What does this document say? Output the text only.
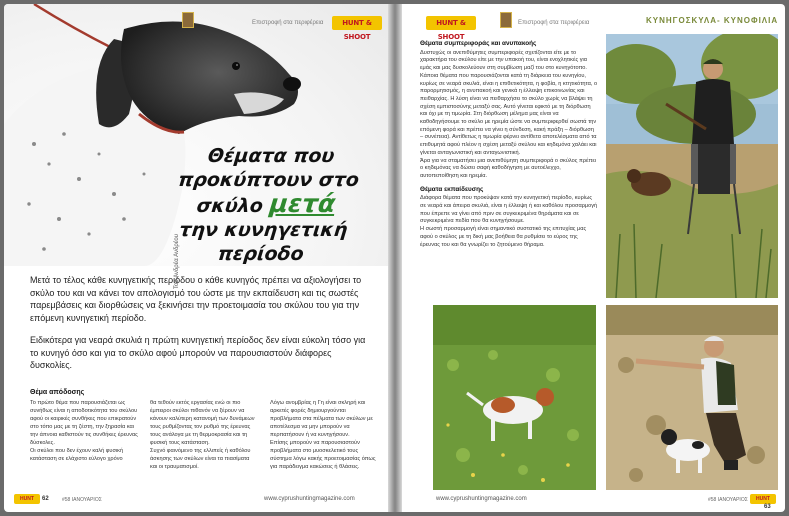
Επιστροφή στα περιφέρεια	HUNT & SHOOT
Θέματα που
προκύπτουν στο
σκύλο μετά
την κυνηγετική
περίοδο
Του Ανδρέα Ανδρέου

Μετά το τέλος κάθε κυνηγετικής περιόδου ο κάθε κυνηγός πρέπει να αξιολογήσει το σκύλο του και να κάνει τον απολογισμό του ώστε με την εκπαίδευση και τις σωστές παρεμβάσεις και διορθώσεις να ξεκινήσει την προετοιμασία του σκύλου του για την επόμενη κυνηγετική περίοδο.

Ειδικότερα για νεαρά σκυλιά η πρώτη κυνηγετική περίοδος δεν είναι εύκολη τόσο για το κυνηγό όσο και για το σκύλο αφού μπορούν να παρουσιαστούν διάφορες δυσκολίες.

Θέμα απόδοσης
Το πρώτο θέμα που παρουσιάζεται ως συνήθως είναι η αποδοτικότητα του σκύλου αφού οι καιρικές συνθήκες που επικρατούν στο τόπο μας με τη ζέστη, την ξηρασία και την άπνοια καθιστούν τις συνθήκες έρευνας δύσκολες.
Οι σκύλοι που δεν έχουν καλή φυσική κατάσταση σε ελάχιστο εύλογο χρόνο
θα τεθούν εκτός εργασίας ενώ οι πιο έμπειροι σκύλοι πιθανόν να ξέρουν να κάνουν καλύτερη κατανομή των δυνάμεων τους ρυθμίζοντας τον ρυθμό της έρευνας τους ανάλογα με τη θερμοκρασία και τη φυσική τους κατάσταση.
Συχνό φαινόμενο της ελλιπείς ή καθόλου άσκησης των σκύλων είναι τα πιασίματα και οι τραυματισμοί.
Λόγω ανομβρίας η Γη είναι σκληρή και αρκετές φορές δημιουργούνται προβλήματα στα πέλματα των σκύλων με αποτέλεσμα να μην μπορούν να περπατήσουν ή να κυνηγήσουν.
Επίσης μπορούν να παρουσιαστούν προβλήματα στο μυοσκελετικό τους σύστημα λόγω κακής προετοιμασίας όπως για παράδειγμα κακώσεις ή θλάσεις.
HUNT	62	#58 ΙΑΝΟΥΑΡΙΟΣ	www.cyprushuntingmagazine.com
HUNT & SHOOT
Επιστροφή στα περιφέρεια	ΚΥΝΗΓΟΣΚΥΛΑ- ΚΥΝΟΦΙΛΙΑ
Θέματα συμπεριφοράς και ανυπακοής
Δυστυχώς οι ανεπιθύμητες συμπεριφορές σχετίζονται είτε με το χαρακτήρα του σκύλου είτε με την υπακοή του, είναι ενοχλητικές για εμάς και μας δυσκολεύουν στη συμβίωση μαζί του στο κυνηγότοπο. Κάποια θέματα που παρουσιάζονται κατά τη διάρκεια του κυνηγίου, κυρίως σε νεαρά σκυλιά, είναι η επιθετικότητα, η φοβία, η κτητικότητα, ο παρορμητισμός, η ανυπακοή και γενικά η έλλειψη επικοινωνίας και πειθαρχίας. Η λύση είναι να πειθαρχήσει το σκύλο χωρίς να βλάψει τη σχέση εμπιστοσύνης μεταξύ σας. Αυτό γίνεται εφικτό με τη διόρθωση και όχι με τη τιμωρία. Στη διόρθωση μέλημα μας είναι να καθοδηγήσουμε το σκύλο με ηρεμία ώστε να συμπεριφερθεί σωστά την επόμενη φορά και πρέπει να γίνει η σύνδεση, κακή πράξη – διόρθωση – συνέπεια). Αντίθετως η τιμωρία φέρνει αντίθετα αποτελέσματα από τα επιθυμητά αφού πλέον η σχέση μεταξύ σκύλου και κηδεμόνα χαλάει και γίνεται ανταγωνιστική και ανταγωνιστική.
Άρα για να σταματήσει μια ανεπιθύμητη συμπεριφορά ο σκύλος πρέπει ο κηδεμόνας να δώσει σαφή καθοδήγηση με αυτοέλεγχο, αυτοπεποίθηση και ηρεμία.
Θέματα εκπαίδευσης
Διάφορα θέματα που προκύψαν κατά την κυνηγετική περίοδο, κυρίως σε νεαρά και άπειρα σκυλιά, είναι η έλλειψη ή και καθόλου προσαρμογή που έπρεπε να γίνει από πριν σε συγκεκριμένα θηράματα και σε συγκεκριμένα πεδία που θα κυνηγήσουμε.
Η σωστή προσαρμογή είναι σημαντικό συστατικό της επιτυχίας μας αφού ο σκύλος με τη δική μας βοήθεια θα ρυθμίσει το εύρος της έρευνας του και θα γνωρίζει το ζητούμενο θήραμα.
www.cyprushuntingmagazine.com	#58 ΙΑΝΟΥΑΡΙΟΣ	HUNT
63
